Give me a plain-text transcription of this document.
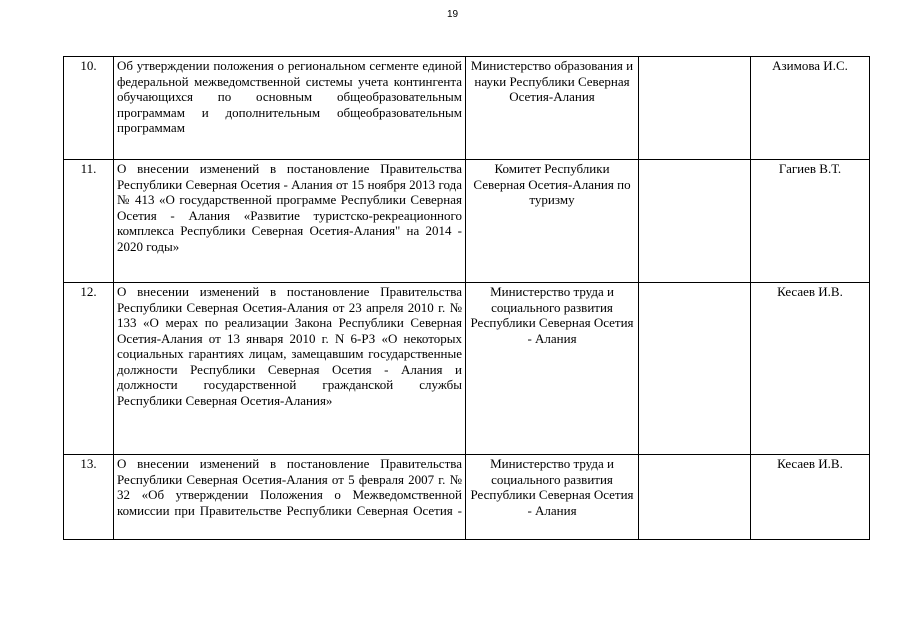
19
10.	Об утверждении положения о региональном сегменте единой федеральной межведомственной системы учета контингента обучающихся по основным общеобразовательным программам и дополнительным общеобразовательным программам	Министерство образования и науки Республики Северная Осетия-Алания		Азимова И.С.
11.	О внесении изменений в постановление Правительства Республики Северная Осетия - Алания от 15 ноября 2013 года № 413 «О государственной программе Республики Северная Осетия - Алания «Развитие туристско-рекреационного комплекса Республики Северная Осетия-Алания" на 2014 - 2020 годы»	Комитет Республики Северная Осетия-Алания по туризму		Гагиев В.Т.
12.	О внесении изменений в постановление Правительства Республики Северная Осетия-Алания от 23 апреля 2010 г. № 133 «О мерах по реализации Закона Республики Северная Осетия-Алания от 13 января 2010 г. N 6-РЗ «О некоторых социальных гарантиях лицам, замещавшим государственные должности Республики Северная Осетия - Алания и должности государственной гражданской службы Республики Северная Осетия-Алания»	Министерство труда и социального развития Республики Северная Осетия - Алания		Кесаев И.В.
13.	О внесении изменений в постановление Правительства Республики Северная Осетия-Алания от 5 февраля 2007 г. № 32 «Об утверждении Положения о Межведомственной комиссии при Правительстве Республики Северная Осетия -	Министерство труда и социального развития Республики Северная Осетия - Алания		Кесаев И.В.
